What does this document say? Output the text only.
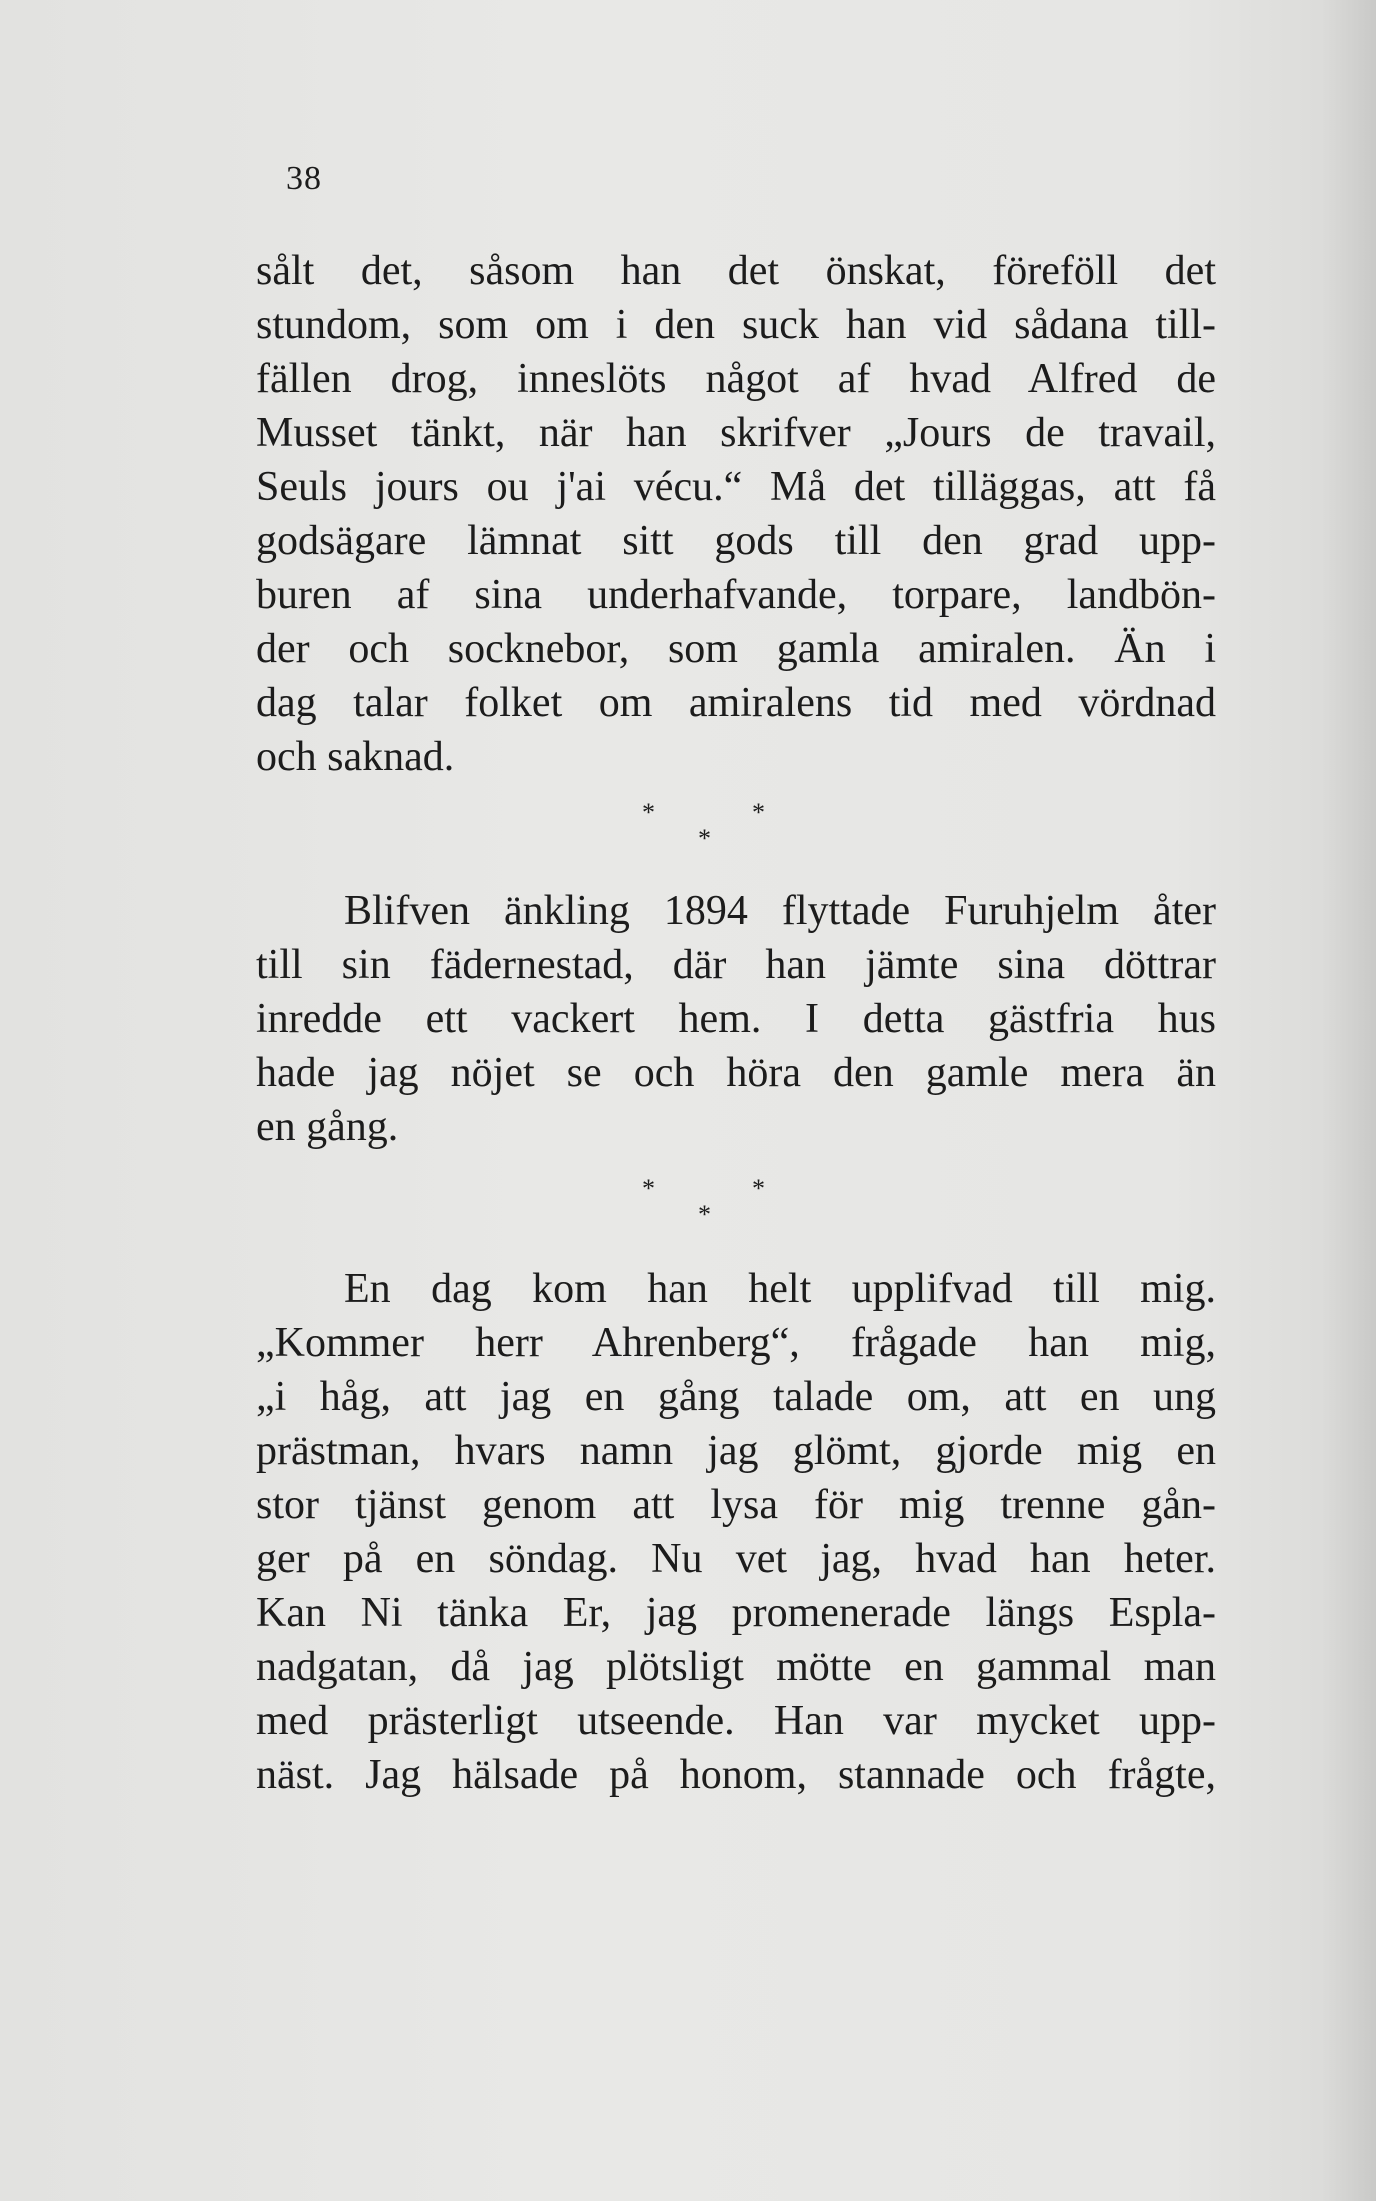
38
sålt det, såsom han det önskat, föreföll det
stundom, som om i den suck han vid sådana till-
fällen drog, inneslöts något af hvad Alfred de
Musset tänkt, när han skrifver „Jours de travail,
Seuls jours ou j'ai vécu.“ Må det tilläggas, att få
godsägare lämnat sitt gods till den grad upp-
buren af sina underhafvande, torpare, landbön-
der och socknebor, som gamla amiralen. Än i
dag talar folket om amiralens tid med vördnad
och saknad.
*	*
*
Blifven änkling 1894 flyttade Furuhjelm åter
till sin fädernestad, där han jämte sina döttrar
inredde ett vackert hem. I detta gästfria hus
hade jag nöjet se och höra den gamle mera än
en gång.
*	*
*
En dag kom han helt upplifvad till mig.
„Kommer herr Ahrenberg“, frågade han mig,
„i håg, att jag en gång talade om, att en ung
prästman, hvars namn jag glömt, gjorde mig en
stor tjänst genom att lysa för mig trenne gån-
ger på en söndag. Nu vet jag, hvad han heter.
Kan Ni tänka Er, jag promenerade längs Espla-
nadgatan, då jag plötsligt mötte en gammal man
med prästerligt utseende. Han var mycket upp-
näst. Jag hälsade på honom, stannade och frågte,
